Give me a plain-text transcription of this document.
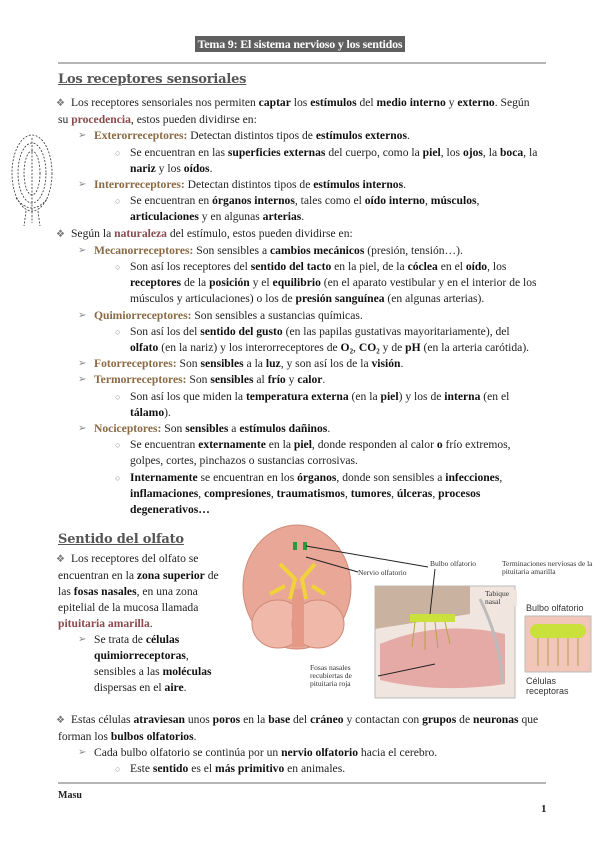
Tema 9: El sistema nervioso y los sentidos
Los receptores sensoriales
❖ Los receptores sensoriales nos permiten captar los estímulos del medio interno y externo. Según su procedencia, estos pueden dividirse en:
➢ Exterorreceptores: Detectan distintos tipos de estímulos externos.
○ Se encuentran en las superficies externas del cuerpo, como la piel, los ojos, la boca, la nariz y los oídos.
➢ Interorreceptores: Detectan distintos tipos de estímulos internos.
○ Se encuentran en órganos internos, tales como el oído interno, músculos, articulaciones y en algunas arterias.
❖ Según la naturaleza del estímulo, estos pueden dividirse en:
➢ Mecanorreceptores: Son sensibles a cambios mecánicos (presión, tensión…).
○ Son así los receptores del sentido del tacto en la piel, de la cóclea en el oído, los receptores de la posición y el equilibrio (en el aparato vestibular y en el interior de los músculos y articulaciones) o los de presión sanguínea (en algunas arterias).
➢ Quimiorreceptores: Son sensibles a sustancias químicas.
○ Son así los del sentido del gusto (en las papilas gustativas mayoritariamente), del olfato (en la nariz) y los interorreceptores de O₂, CO₂ y de pH (en la arteria carótida).
➢ Fotorreceptores: Son sensibles a la luz, y son así los de la visión.
➢ Termorreceptores: Son sensibles al frío y calor.
○ Son así los que miden la temperatura externa (en la piel) y los de interna (en el tálamo).
➢ Nociceptores: Son sensibles a estímulos dañinos.
○ Se encuentran externamente en la piel, donde responden al calor o frío extremos, golpes, cortes, pinchazos o sustancias corrosivas.
○ Internamente se encuentran en los órganos, donde son sensibles a infecciones, inflamaciones, compresiones, traumatismos, tumores, úlceras, procesos degenerativos…
Sentido del olfato
❖ Los receptores del olfato se encuentran en la zona superior de las fosas nasales, en una zona epitelial de la mucosa llamada pituitaria amarilla.
➢ Se trata de células quimiorreceptoras, sensibles a las moléculas dispersas en el aire.
❖ Estas células atraviesan unos poros en la base del cráneo y contactan con grupos de neuronas que forman los bulbos olfatorios.
➢ Cada bulbo olfatorio se continúa por un nervio olfatorio hacia el cerebro.
○ Este sentido es el más primitivo en animales.
Nervio olfatorio
Bulbo olfatorio	Terminaciones nerviosas de la pituitaria amarilla
Tabique nasal
Bulbo olfatorio
Fosas nasales recubiertas de pituitaria roja	Células receptoras
Masu
1
